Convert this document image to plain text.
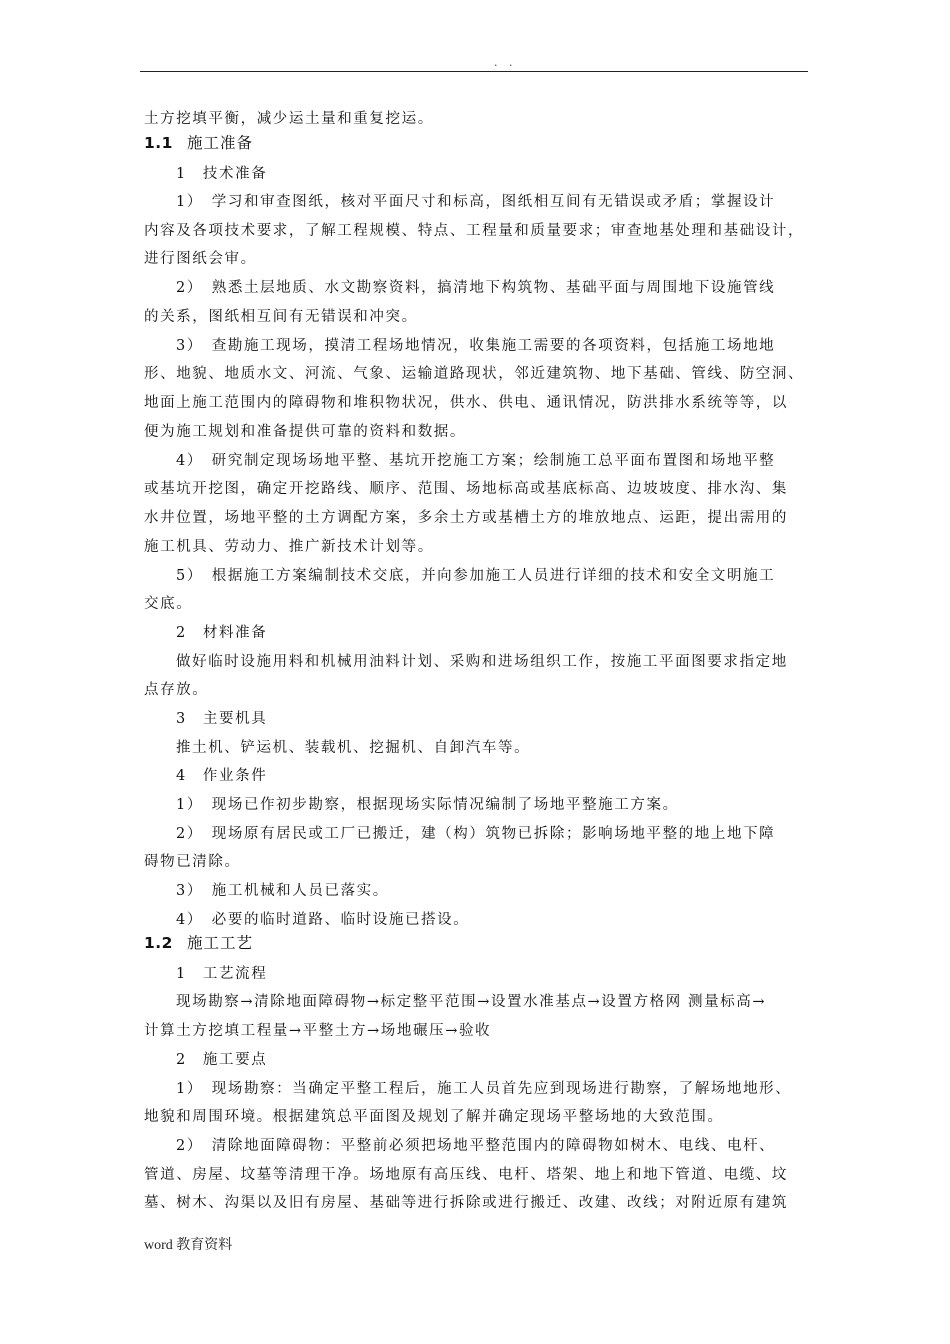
. .
土方挖填平衡，减少运土量和重复挖运。
1.1 施工准备
1　技术准备
1）　学习和审查图纸，核对平面尺寸和标高，图纸相互间有无错误或矛盾；掌握设计
内容及各项技术要求，了解工程规模、特点、工程量和质量要求；审查地基处理和基础设计，
进行图纸会审。
2）　熟悉土层地质、水文勘察资料，搞清地下构筑物、基础平面与周围地下设施管线
的关系，图纸相互间有无错误和冲突。
3）　查勘施工现场，摸清工程场地情况，收集施工需要的各项资料，包括施工场地地
形、地貌、地质水文、河流、气象、运输道路现状，邻近建筑物、地下基础、管线、防空洞、
地面上施工范围内的障碍物和堆积物状况，供水、供电、通讯情况，防洪排水系统等等，以
便为施工规划和准备提供可靠的资料和数据。
4）　研究制定现场场地平整、基坑开挖施工方案；绘制施工总平面布置图和场地平整
或基坑开挖图，确定开挖路线、顺序、范围、场地标高或基底标高、边坡坡度、排水沟、集
水井位置，场地平整的土方调配方案，多余土方或基槽土方的堆放地点、运距，提出需用的
施工机具、劳动力、推广新技术计划等。
5）　根据施工方案编制技术交底，并向参加施工人员进行详细的技术和安全文明施工
交底。
2　材料准备
做好临时设施用料和机械用油料计划、采购和进场组织工作，按施工平面图要求指定地
点存放。
3　主要机具
推土机、铲运机、装载机、挖掘机、自卸汽车等。
4　作业条件
1）　现场已作初步勘察，根据现场实际情况编制了场地平整施工方案。
2）　现场原有居民或工厂已搬迁，建（构）筑物已拆除；影响场地平整的地上地下障
碍物已清除。
3）　施工机械和人员已落实。
4）　必要的临时道路、临时设施已搭设。
1.2 施工工艺
1　工艺流程
现场勘察→清除地面障碍物→标定整平范围→设置水准基点→设置方格网 测量标高→
计算土方挖填工程量→平整土方→场地碾压→验收
2　施工要点
1）　现场勘察：当确定平整工程后，施工人员首先应到现场进行勘察，了解场地地形、
地貌和周围环境。根据建筑总平面图及规划了解并确定现场平整场地的大致范围。
2）　清除地面障碍物：平整前必须把场地平整范围内的障碍物如树木、电线、电杆、
管道、房屋、坟墓等清理干净。场地原有高压线、电杆、塔架、地上和地下管道、电缆、坟
墓、树木、沟渠以及旧有房屋、基础等进行拆除或进行搬迁、改建、改线；对附近原有建筑
word 教育资料
